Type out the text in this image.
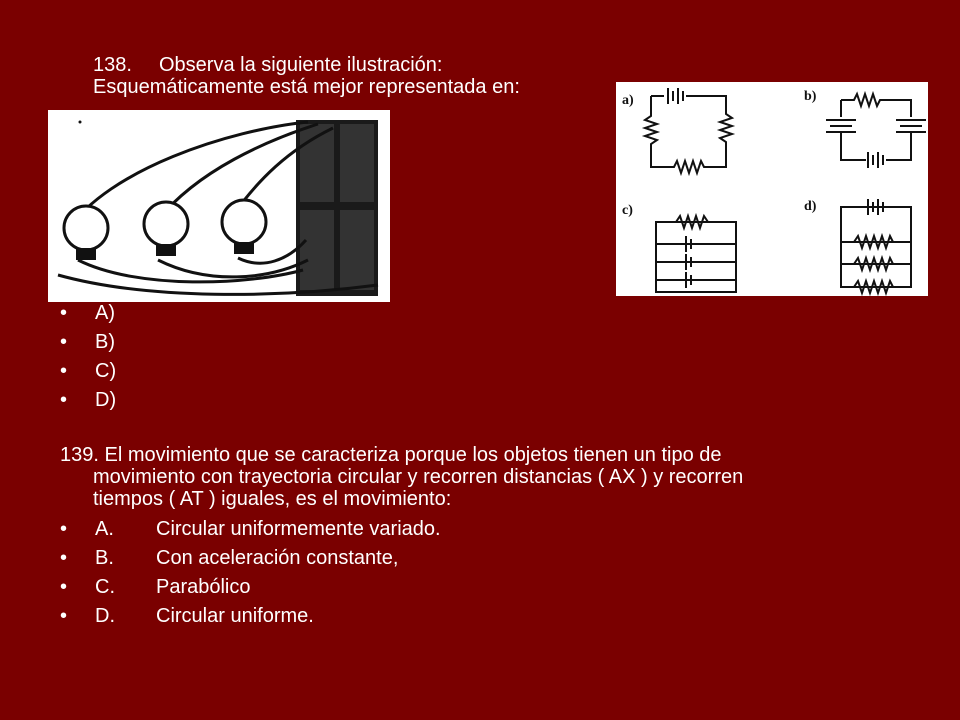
138. Observa la siguiente ilustración:
Esquemáticamente está mejor representada en:
a)	b)
c)	d)
•	A)
•	B)
•	C)
•	D)
139. El movimiento que se caracteriza porque los objetos tienen un tipo de
movimiento con trayectoria circular y recorren distancias ( AX ) y recorren
tiempos ( AT ) iguales, es el movimiento:
•	A.	Circular uniformemente variado.
•	B.	Con aceleración constante,
•	C.	Parabólico
•	D.	Circular uniforme.
